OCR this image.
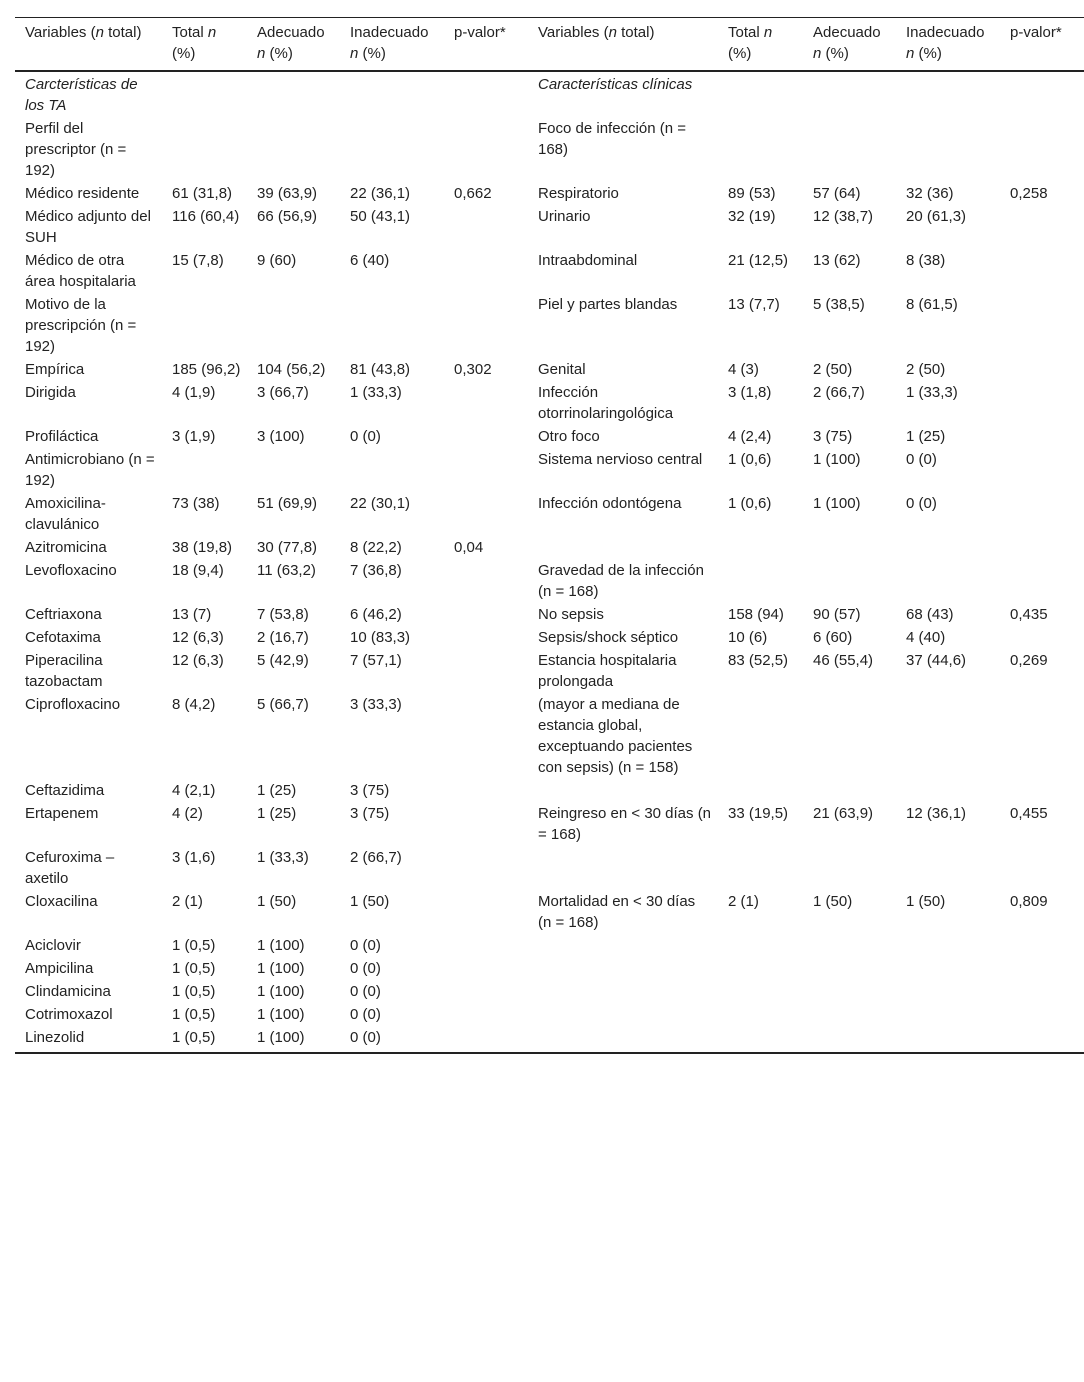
Variables (n total)	Total n (%)	Adecuado n (%)	Inadecuado n (%)	p-valor*	Variables (n total)	Total n (%)	Adecuado n (%)	Inadecuado n (%)	p-valor*
Carcterísticas de los TA					Características clínicas				
Perfil del prescriptor (n = 192)					Foco de infección (n = 168)				
Médico residente	61 (31,8)	39 (63,9)	22 (36,1)	0,662	Respiratorio	89 (53)	57 (64)	32 (36)	0,258
Médico adjunto del SUH	116 (60,4)	66 (56,9)	50 (43,1)		Urinario	32 (19)	12 (38,7)	20 (61,3)	
Médico de otra área hospitalaria	15 (7,8)	9 (60)	6 (40)		Intraabdominal	21 (12,5)	13 (62)	8 (38)	
Motivo de la prescripción (n = 192)					Piel y partes blandas	13 (7,7)	5 (38,5)	8 (61,5)	
Empírica	185 (96,2)	104 (56,2)	81 (43,8)	0,302	Genital	4 (3)	2 (50)	2 (50)	
Dirigida	4 (1,9)	3 (66,7)	1 (33,3)		Infección otorrinolaringológica	3 (1,8)	2 (66,7)	1 (33,3)	
Profiláctica	3 (1,9)	3 (100)	0 (0)		Otro foco	4 (2,4)	3 (75)	1 (25)	
Antimicrobiano (n = 192)					Sistema nervioso central	1 (0,6)	1 (100)	0 (0)	
Amoxicilina-clavulánico	73 (38)	51 (69,9)	22 (30,1)		Infección odontógena	1 (0,6)	1 (100)	0 (0)	
Azitromicina	38 (19,8)	30 (77,8)	8 (22,2)	0,04					
Levofloxacino	18 (9,4)	11 (63,2)	7 (36,8)		Gravedad de la infección (n = 168)				
Ceftriaxona	13 (7)	7 (53,8)	6 (46,2)		No sepsis	158 (94)	90 (57)	68 (43)	0,435
Cefotaxima	12 (6,3)	2 (16,7)	10 (83,3)		Sepsis/shock séptico	10 (6)	6 (60)	4 (40)	
Piperacilina tazobactam	12 (6,3)	5 (42,9)	7 (57,1)		Estancia hospitalaria prolongada	83 (52,5)	46 (55,4)	37 (44,6)	0,269
Ciprofloxacino	8 (4,2)	5 (66,7)	3 (33,3)		(mayor a mediana de estancia global, exceptuando pacientes con sepsis) (n = 158)				
Ceftazidima	4 (2,1)	1 (25)	3 (75)						
Ertapenem	4 (2)	1 (25)	3 (75)		Reingreso en < 30 días (n = 168)	33 (19,5)	21 (63,9)	12 (36,1)	0,455
Cefuroxima – axetilo	3 (1,6)	1 (33,3)	2 (66,7)						
Cloxacilina	2 (1)	1 (50)	1 (50)		Mortalidad en < 30 días (n = 168)	2 (1)	1 (50)	1 (50)	0,809
Aciclovir	1 (0,5)	1 (100)	0 (0)						
Ampicilina	1 (0,5)	1 (100)	0 (0)						
Clindamicina	1 (0,5)	1 (100)	0 (0)						
Cotrimoxazol	1 (0,5)	1 (100)	0 (0)						
Linezolid	1 (0,5)	1 (100)	0 (0)						
